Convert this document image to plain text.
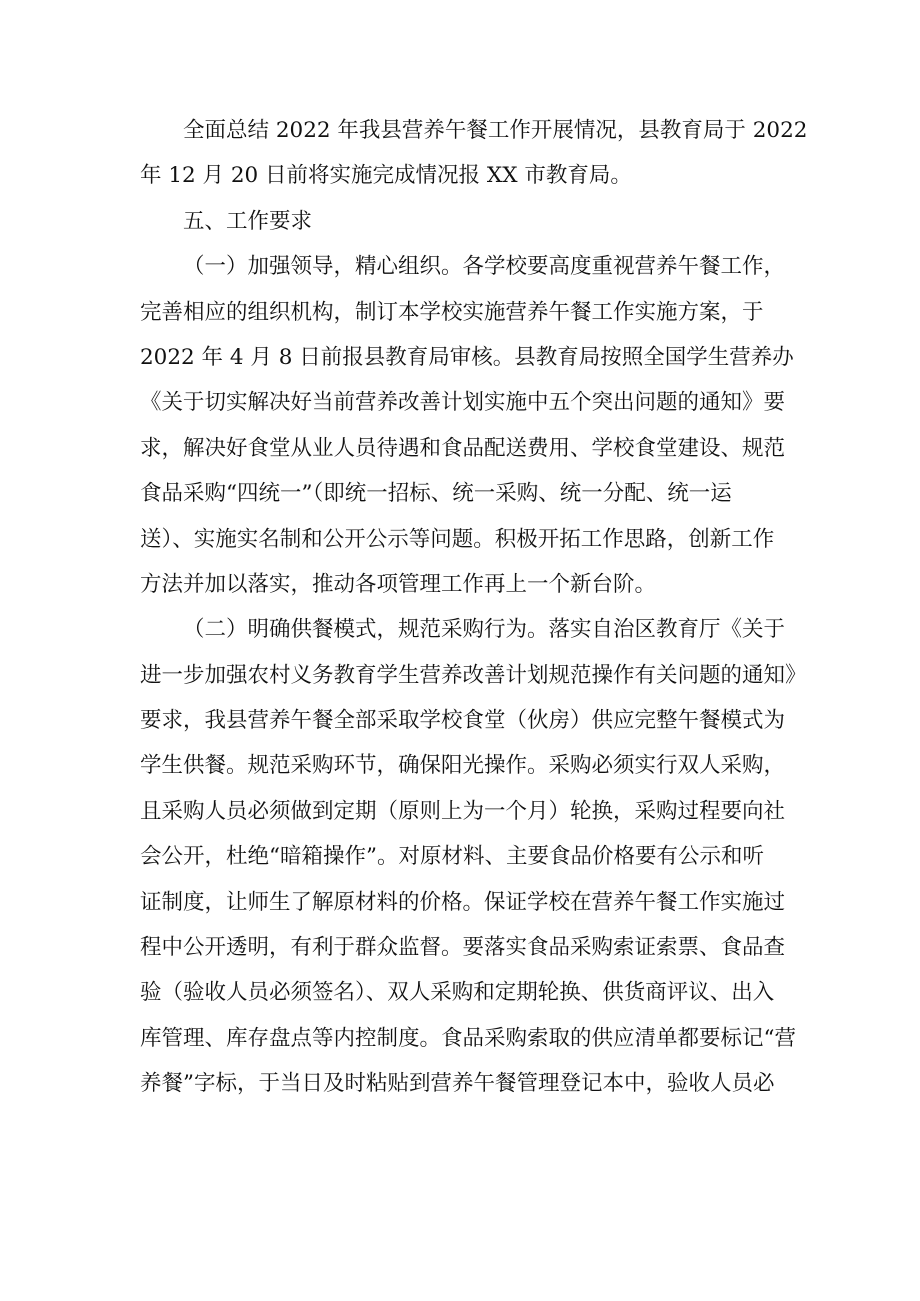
全面总结 2022 年我县营养午餐工作开展情况，县教育局于 2022
年 12 月 20 日前将实施完成情况报 XX 市教育局。
五、工作要求
（一）加强领导，精心组织。各学校要高度重视营养午餐工作，
完善相应的组织机构，制订本学校实施营养午餐工作实施方案，于
2022 年 4 月 8 日前报县教育局审核。县教育局按照全国学生营养办
《关于切实解决好当前营养改善计划实施中五个突出问题的通知》要
求，解决好食堂从业人员待遇和食品配送费用、学校食堂建设、规范
食品采购“四统一”（即统一招标、统一采购、统一分配、统一运
送）、实施实名制和公开公示等问题。积极开拓工作思路，创新工作
方法并加以落实，推动各项管理工作再上一个新台阶。
（二）明确供餐模式，规范采购行为。落实自治区教育厅《关于
进一步加强农村义务教育学生营养改善计划规范操作有关问题的通知》
要求，我县营养午餐全部采取学校食堂（伙房）供应完整午餐模式为
学生供餐。规范采购环节，确保阳光操作。采购必须实行双人采购，
且采购人员必须做到定期（原则上为一个月）轮换，采购过程要向社
会公开，杜绝“暗箱操作”。对原材料、主要食品价格要有公示和听
证制度，让师生了解原材料的价格。保证学校在营养午餐工作实施过
程中公开透明，有利于群众监督。要落实食品采购索证索票、食品查
验（验收人员必须签名）、双人采购和定期轮换、供货商评议、出入
库管理、库存盘点等内控制度。食品采购索取的供应清单都要标记“营
养餐”字标，于当日及时粘贴到营养午餐管理登记本中，验收人员必
